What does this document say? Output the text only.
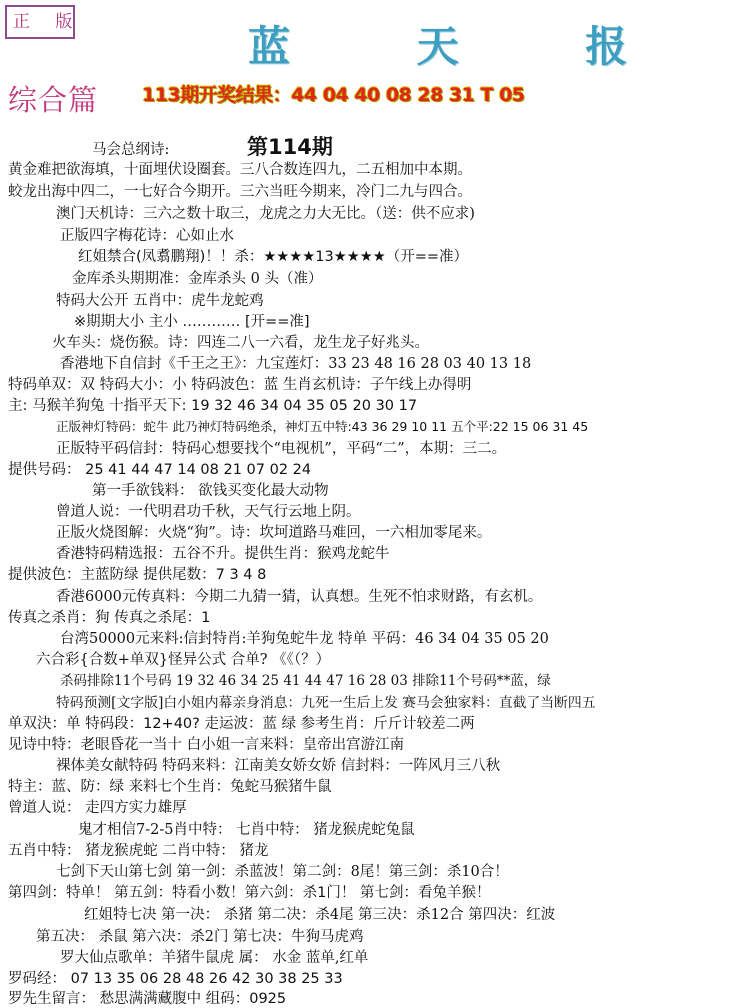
正 版	蓝 天 报
综合篇 113期开奖结果：44 04 40 08 28 31 T 05
第114期
马会总纲诗:
黄金难把欲海填，十面埋伏设圈套。三八合数连四九，二五相加中本期。
蛟龙出海中四二，一七好合今期开。三六当旺今期来，冷门二九与四合。
澳门天机诗：三六之数十取三，龙虎之力大无比。（送：供不应求)
正版四字梅花诗：心如止水
红姐禁合(凤翥鹏翔)！！杀：★★★★13★★★★（开==准）
金库杀头期期准：金库杀头 0 头（准）
特码大公开 五肖中：虎牛龙蛇鸡
※期期大小 主小 ………… [开==准]
火车头：烧伤猴。诗：四连二八一六看，龙生龙子好兆头。
香港地下自信封《千王之王》：九宝莲灯：33 23 48 16 28 03 40 13 18
特码单双：双 特码大小：小 特码波色：蓝 生肖玄机诗：子午线上办得明
主: 马猴羊狗兔 十指平天下: 19 32 46 34 04 35 05 20 30 17
正版神灯特码：蛇牛 此乃神灯特码绝杀，神灯五中特:43 36 29 10 11 五个平:22 15 06 31 45
正版特平码信封：特码心想要找个“电视机”，平码“二”，本期：三二。
提供号码： 25 41 44 47 14 08 21 07 02 24
第一手欲钱料： 欲钱买变化最大动物
曾道人说：一代明君功千秋，天气行云地上阴。
正版火烧图解：火烧“狗”。诗：坎坷道路马难回，一六相加零尾来。
香港特码精选报：五谷不升。提供生肖：猴鸡龙蛇牛
提供波色：主蓝防绿 提供尾数：7 3 4 8
香港6000元传真料：今期二九猜一猜，认真想。生死不怕求财路，有玄机。
传真之杀肖：狗 传真之杀尾：1
台湾50000元来料:信封特肖:羊狗兔蛇牛龙 特单 平码：46 34 04 35 05 20
六合彩{合数+单双}怪异公式 合单? 《《（？）
杀码排除11个号码 19 32 46 34 25 41 44 47 16 28 03 排除11个号码**蓝，绿
特码预测[文字版]白小姐内幕亲身消息：九死一生后上发 赛马会独家料：直截了当断四五
单双決：单 特码段：12+40? 走运波：蓝 绿 参考生肖：斤斤计较差二两
见诗中特：老眼昏花一当十 白小姐一言来料：皇帝出宫游江南
裸体美女献特码 特码来料：江南美女娇女娇 信封料：一阵风月三八秋
特主：蓝、防：绿 来料七个生肖：兔蛇马猴猪牛鼠
曾道人说： 走四方实力雄厚
鬼才相信7-2-5肖中特： 七肖中特： 猪龙猴虎蛇兔鼠
五肖中特： 猪龙猴虎蛇 二肖中特： 猪龙
七剑下天山第七剑 第一剑：杀蓝波！第二剑：8尾！第三剑：杀10合！
第四剑：特单！ 第五剑：特看小数！第六剑：杀1门！ 第七剑：看兔羊猴！
红姐特七决 第一决： 杀猪 第二决：杀4尾 第三决：杀12合 第四决：红波
第五决： 杀鼠 第六决：杀2门 第七决：牛狗马虎鸡
罗大仙点歌单：羊猪牛鼠虎 属： 水金 蓝单,红单
罗码经： 07 13 35 06 28 48 26 42 30 38 25 33
罗先生留言： 愁思满满藏腹中 组码：0925
